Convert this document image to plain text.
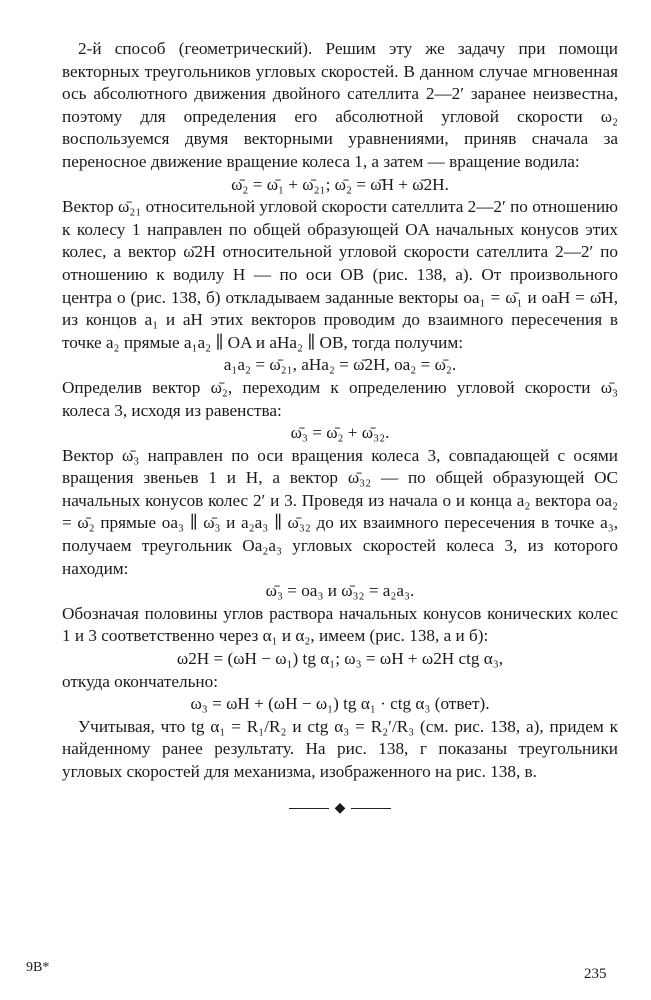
2-й способ (геометрический). Решим эту же задачу при помощи векторных треугольников угловых скоростей. В данном случае мгновенная ось абсолютного движения двойного сателлита 2—2′ заранее неизвестна, поэтому для определения его абсолютной угловой скорости ω₂ воспользуемся двумя векторными уравнениями, приняв сначала за переносное движение вращение колеса 1, а затем — вращение водила:

ω̄₂ = ω̄₁ + ω̄₂₁; ω̄₂ = ω̄H + ω̄2H.

Вектор ω̄₂₁ относительной угловой скорости сателлита 2—2′ по отношению к колесу 1 направлен по общей образующей OA начальных конусов этих колес, а вектор ω̄2H относительной угловой скорости сателлита 2—2′ по отношению к водилу H — по оси OB (рис. 138, а). От произвольного центра o (рис. 138, б) откладываем заданные векторы oa₁ = ω̄₁ и oaH = ω̄H, из концов a₁ и aH этих векторов проводим до взаимного пересечения в точке a₂ прямые a₁a₂ ∥ OA и aHa₂ ∥ OB, тогда получим:

a₁a₂ = ω̄₂₁, aHa₂ = ω̄2H, oa₂ = ω̄₂.

Определив вектор ω̄₂, переходим к определению угловой скорости ω̄₃ колеса 3, исходя из равенства:

ω̄₃ = ω̄₂ + ω̄₃₂.

Вектор ω̄₃ направлен по оси вращения колеса 3, совпадающей с осями вращения звеньев 1 и H, а вектор ω̄₃₂ — по общей образующей OC начальных конусов колес 2′ и 3. Проведя из начала o и конца a₂ вектора oa₂ = ω̄₂ прямые oa₃ ∥ ω̄₃ и a₂a₃ ∥ ω̄₃₂ до их взаимного пересечения в точке a₃, получаем треугольник Oa₂a₃ угловых скоростей колеса 3, из которого находим:

ω̄₃ = oa₃ и ω̄₃₂ = a₂a₃.

Обозначая половины углов раствора начальных конусов конических колес 1 и 3 соответственно через α₁ и α₂, имеем (рис. 138, а и б):

ω2H = (ωH − ω₁) tg α₁; ω₃ = ωH + ω2H ctg α₃,

откуда окончательно:

ω₃ = ωH + (ωH − ω₁) tg α₁ · ctg α₃ (ответ).

Учитывая, что tg α₁ = R₁/R₂ и ctg α₃ = R₂′/R₃ (см. рис. 138, а), придем к найденному ранее результату. На рис. 138, г показаны треугольники угловых скоростей для механизма, изображенного на рис. 138, в.

◆
9В*	235
